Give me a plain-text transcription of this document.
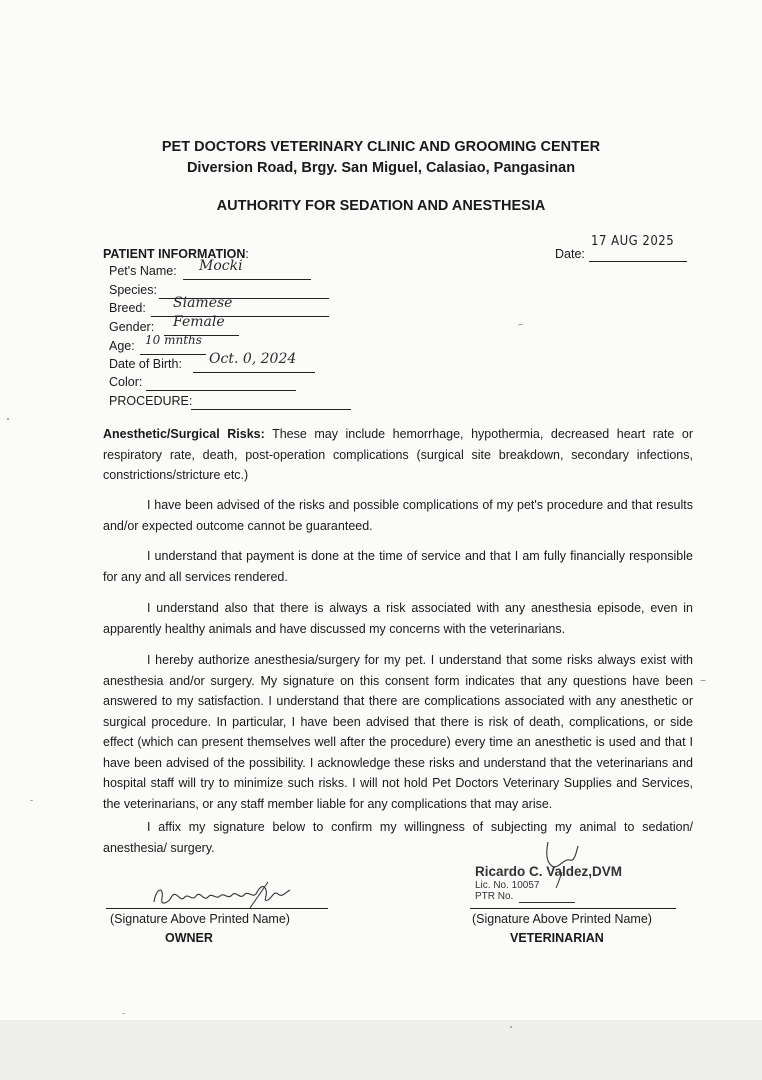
PET DOCTORS VETERINARY CLINIC AND GROOMING CENTER
Diversion Road, Brgy. San Miguel, Calasiao, Pangasinan
AUTHORITY FOR SEDATION AND ANESTHESIA
PATIENT INFORMATION:
Pet's Name: Mocki
Species:
Breed: Siamese
Gender: Female
Age: 10 mnths
Date of Birth: Oct. 0, 2024
Color:
PROCEDURE:
Date:
17 AUG 2025

Anesthetic/Surgical Risks: These may include hemorrhage, hypothermia, decreased heart rate or respiratory rate, death, post-operation complications (surgical site breakdown, secondary infections, constrictions/stricture etc.)

I have been advised of the risks and possible complications of my pet's procedure and that results and/or expected outcome cannot be guaranteed.

I understand that payment is done at the time of service and that I am fully financially responsible for any and all services rendered.

I understand also that there is always a risk associated with any anesthesia episode, even in apparently healthy animals and have discussed my concerns with the veterinarians.

I hereby authorize anesthesia/surgery for my pet. I understand that some risks always exist with anesthesia and/or surgery. My signature on this consent form indicates that any questions have been answered to my satisfaction. I understand that there are complications associated with any anesthetic or surgical procedure. In particular, I have been advised that there is risk of death, complications, or side effect (which can present themselves well after the procedure) every time an anesthetic is used and that I have been advised of the possibility. I acknowledge these risks and understand that the veterinarians and hospital staff will try to minimize such risks. I will not hold Pet Doctors Veterinary Supplies and Services, the veterinarians, or any staff member liable for any complications that may arise.

I affix my signature below to confirm my willingness of subjecting my animal to sedation/ anesthesia/ surgery.

(Signature Above Printed Name)
OWNER
Ricardo C. Valdez,DVM
Lic. No. 10057
PTR No.
(Signature Above Printed Name)
VETERINARIAN
